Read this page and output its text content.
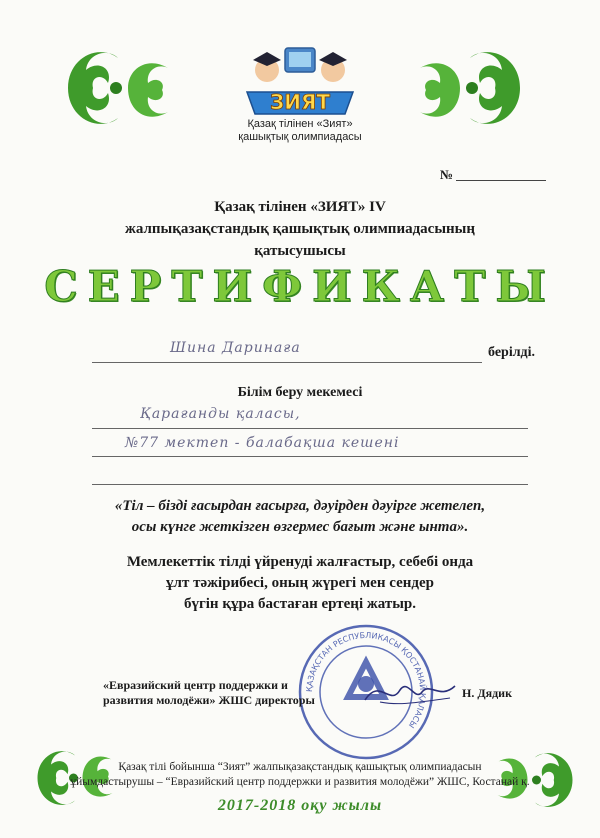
ЗИЯТ
Қазақ тілінен «Зият»
қашықтық олимпиадасы
№
Қазақ тілінен «ЗИЯТ» IV
жалпықазақстандық қашықтық олимпиадасының
қатысушысы
СЕРТИФИКАТЫ
Шина Даринаға	берілді.
Білім беру мекемесі
Қарағанды қаласы,
№77 мектеп - балабақша кешені
«Тіл – бізді ғасырдан ғасырға, дәуірден дәуірге жетелеп,
осы күнге жеткізген өзгермес бағыт және ынта».
Мемлекеттік тілді үйренуді жалғастыр, себебі онда
ұлт тәжірибесі, оның жүрегі мен сендер
бүгін құра бастаған ертеңі жатыр.
ҚАЗАҚСТАН РЕСПУБЛИКАСЫ ҚОСТАНАЙ ҚАЛАСЫ
«Евразийский центр поддержки и
развития молодёжи» ЖШС директоры	Н. Дядик
Қазақ тілі бойынша “Зият” жалпықазақстандық қашықтық олимпиадасын
ұйымдастырушы – “Евразийский центр поддержки и развития молодёжи” ЖШС, Костанай қ.
2017-2018 оқу жылы
